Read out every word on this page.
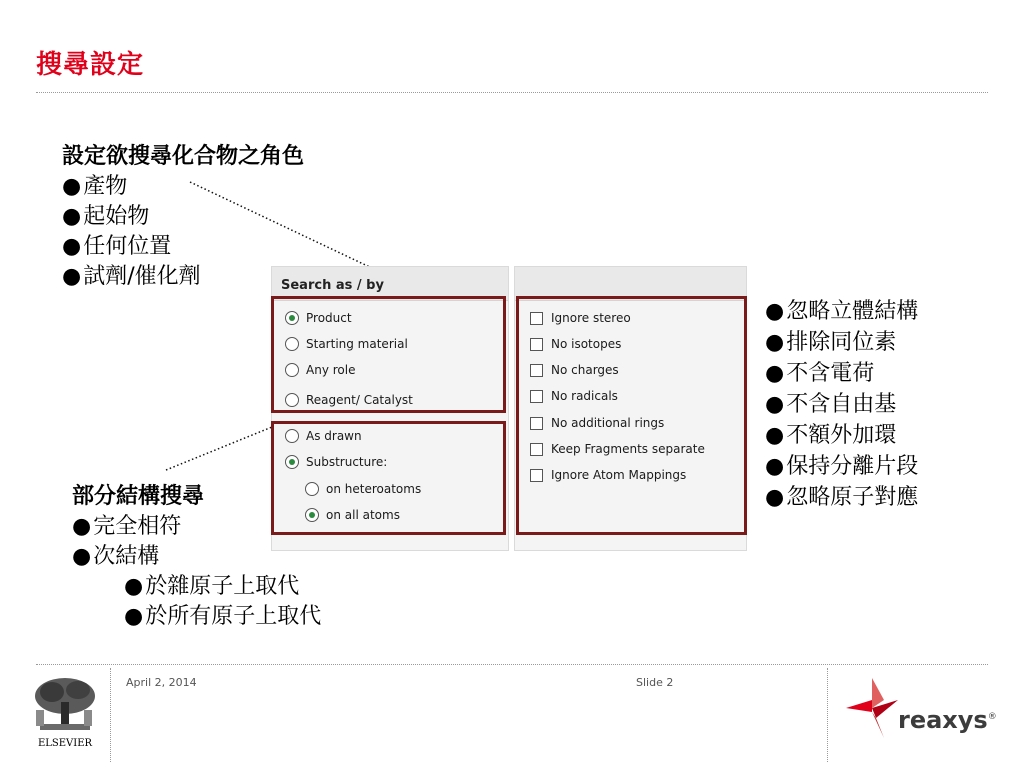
搜尋設定
設定欲搜尋化合物之角色
● 產物
● 起始物
● 任何位置
● 試劑/催化劑
部分結構搜尋
● 完全相符
● 次結構
● 於雜原子上取代
● 於所有原子上取代
● 忽略立體結構
● 排除同位素
● 不含電荷
● 不含自由基
● 不額外加環
● 保持分離片段
● 忽略原子對應
Search as / by
Product
Starting material
Any role
Reagent/ Catalyst
As drawn
Substructure:
on heteroatoms
on all atoms
Ignore stereo
No isotopes
No charges
No radicals
No additional rings
Keep Fragments separate
Ignore Atom Mappings
April 2, 2014	Slide 2
ELSEVIER
reaxys®
